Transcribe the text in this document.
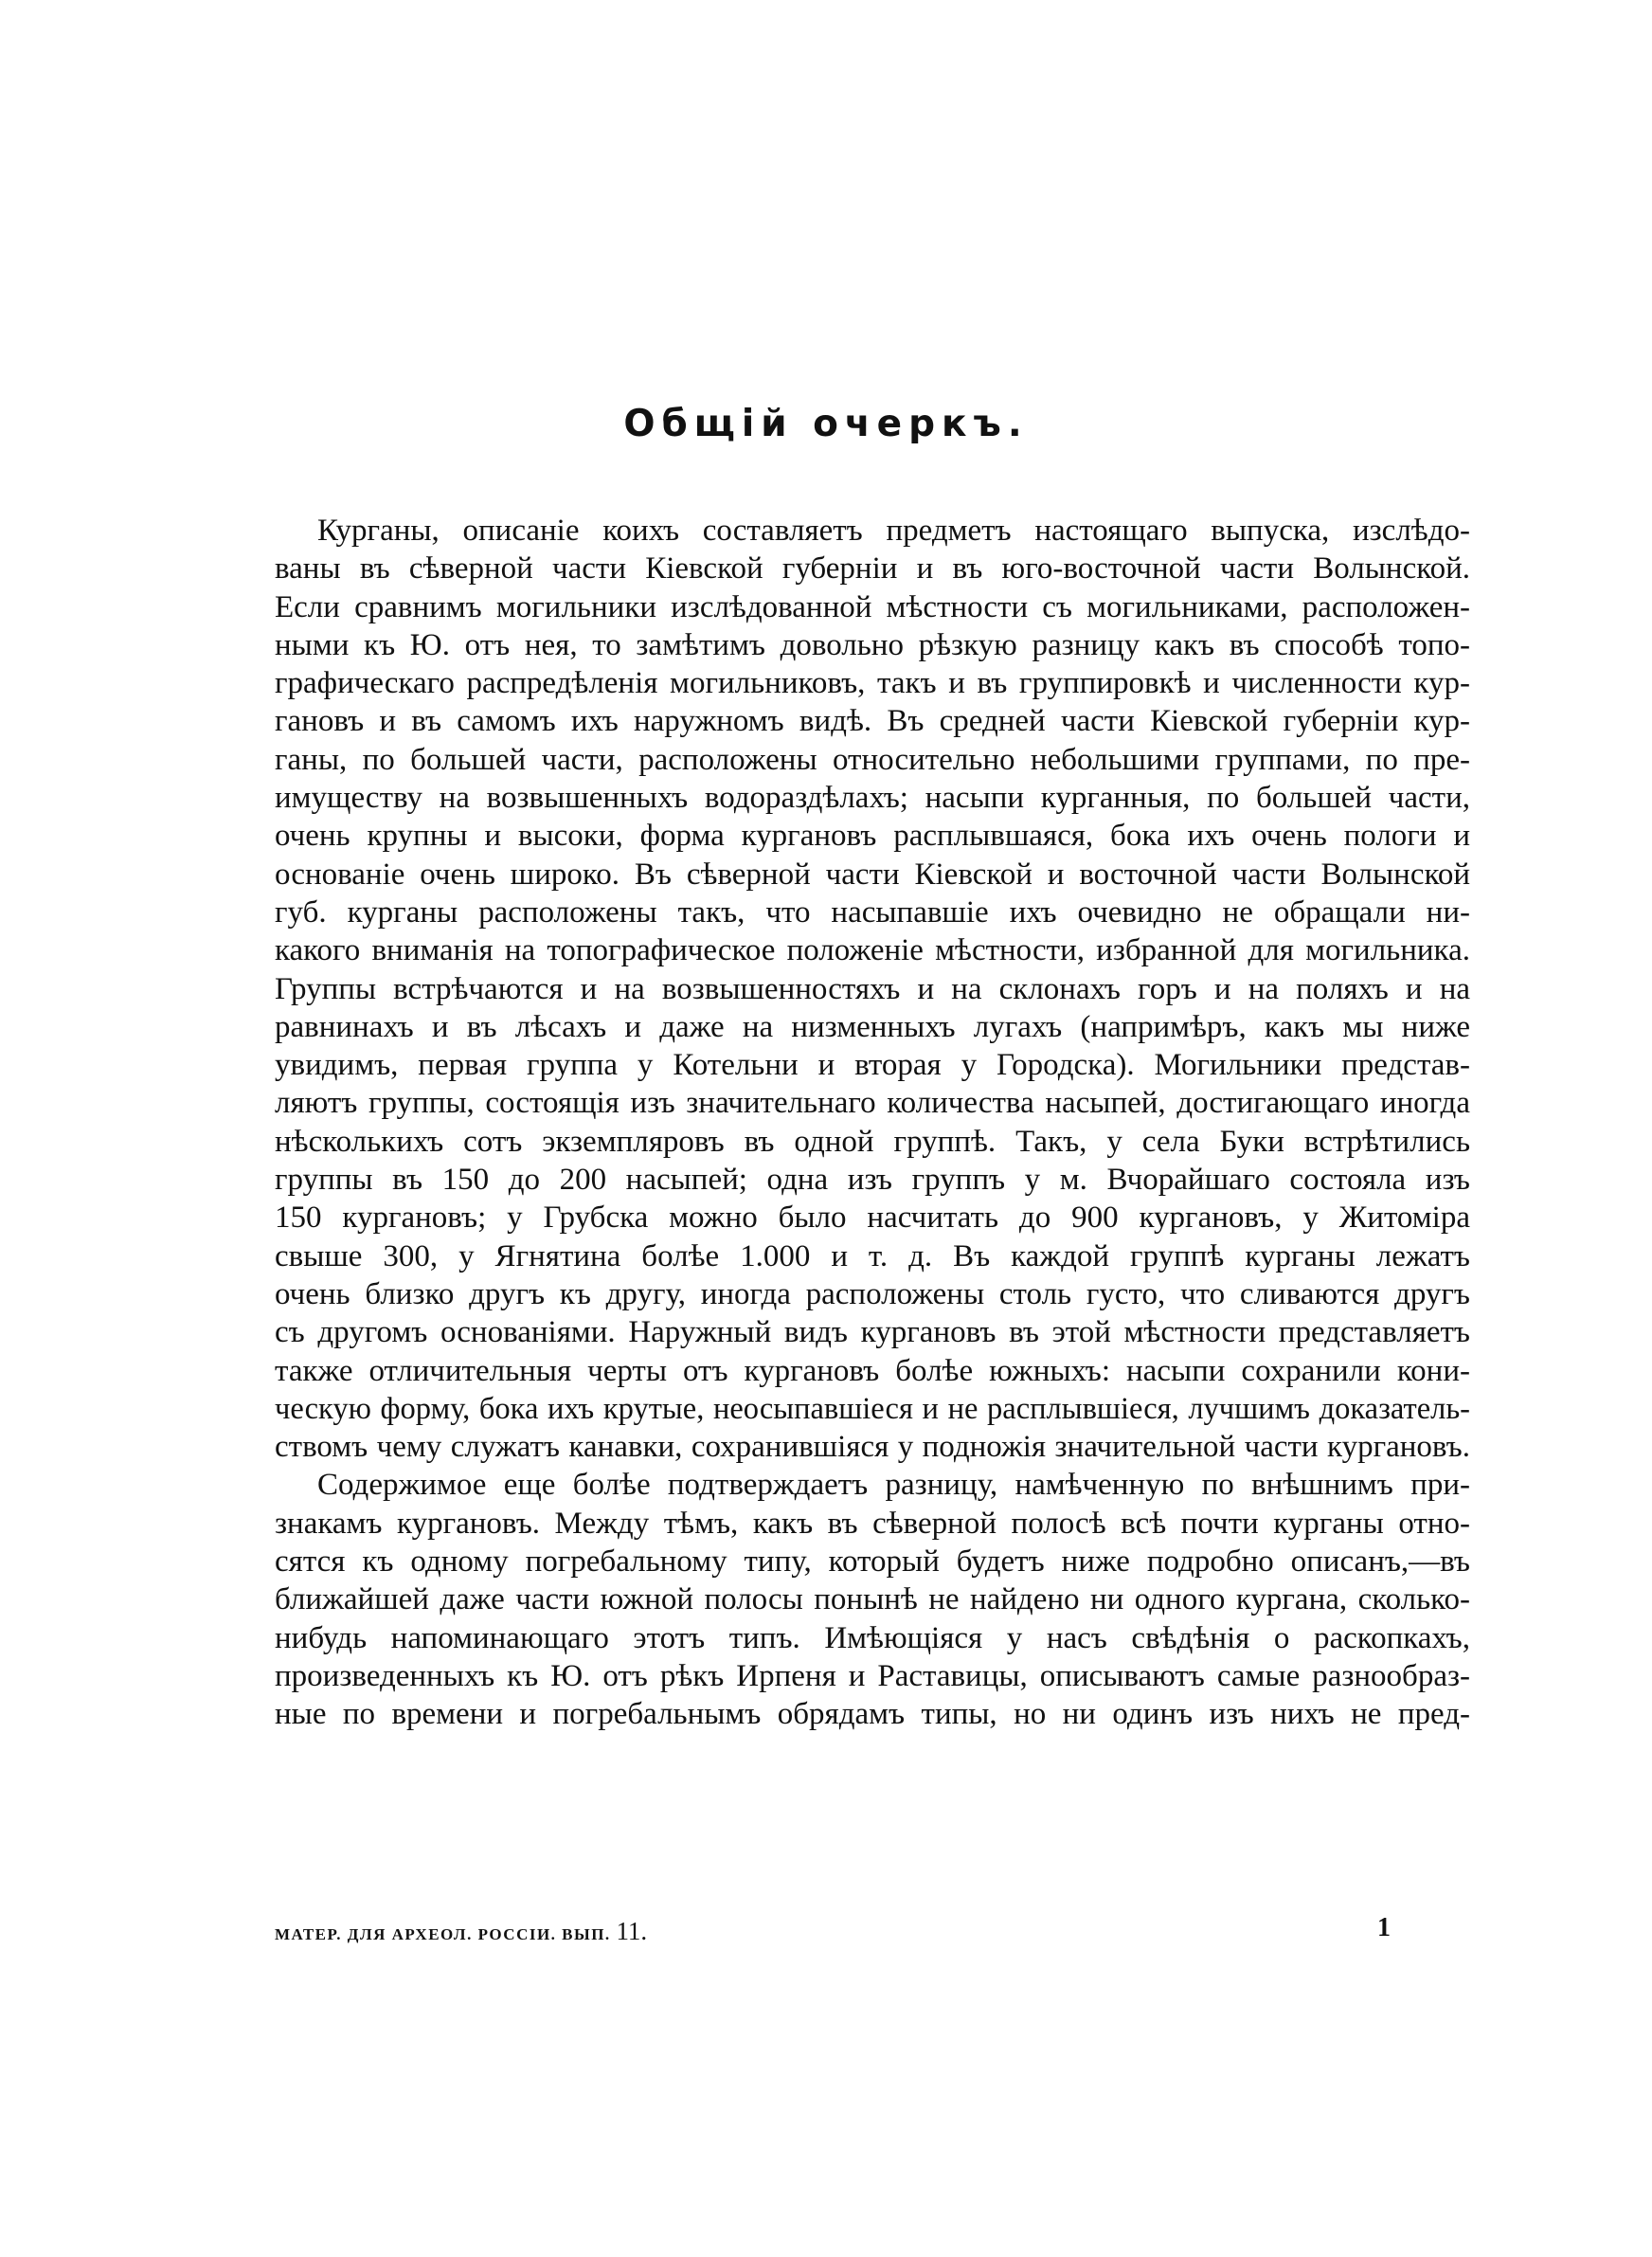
Общій очеркъ.
Курганы, описаніе коихъ составляетъ предметъ настоящаго выпуска, изслѣдо-
ваны въ сѣверной части Кіевской губерніи и въ юго-восточной части Волынской.
Если сравнимъ могильники изслѣдованной мѣстности съ могильниками, расположен-
ными къ Ю. отъ нея, то замѣтимъ довольно рѣзкую разницу какъ въ способѣ топо-
графическаго распредѣленія могильниковъ, такъ и въ группировкѣ и численности кур-
гановъ и въ самомъ ихъ наружномъ видѣ. Въ средней части Кіевской губерніи кур-
ганы, по большей части, расположены относительно небольшими группами, по пре-
имуществу на возвышенныхъ водораздѣлахъ; насыпи курганныя, по большей части,
очень крупны и высоки, форма кургановъ расплывшаяся, бока ихъ очень пологи и
основаніе очень широко. Въ сѣверной части Кіевской и восточной части Волынской
губ. курганы расположены такъ, что насыпавшіе ихъ очевидно не обращали ни-
какого вниманія на топографическое положеніе мѣстности, избранной для могильника.
Группы встрѣчаются и на возвышенностяхъ и на склонахъ горъ и на поляхъ и на
равнинахъ и въ лѣсахъ и даже на низменныхъ лугахъ (напримѣръ, какъ мы ниже
увидимъ, первая группа у Котельни и вторая у Городска). Могильники представ-
ляютъ группы, состоящія изъ значительнаго количества насыпей, достигающаго иногда
нѣсколькихъ сотъ экземпляровъ въ одной группѣ. Такъ, у села Буки встрѣтились
группы въ 150 до 200 насыпей; одна изъ группъ у м. Вчорайшаго состояла изъ
150 кургановъ; у Грубска можно было насчитать до 900 кургановъ, у Житоміра
свыше 300, у Ягнятина болѣе 1.000 и т. д. Въ каждой группѣ курганы лежатъ
очень близко другъ къ другу, иногда расположены столь густо, что сливаются другъ
съ другомъ основаніями. Наружный видъ кургановъ въ этой мѣстности представляетъ
также отличительныя черты отъ кургановъ болѣе южныхъ: насыпи сохранили кони-
ческую форму, бока ихъ крутые, неосыпавшіеся и не расплывшіеся, лучшимъ доказатель-
ствомъ чему служатъ канавки, сохранившіяся у подножія значительной части кургановъ.
Содержимое еще болѣе подтверждаетъ разницу, намѣченную по внѣшнимъ при-
знакамъ кургановъ. Между тѣмъ, какъ въ сѣверной полосѣ всѣ почти курганы отно-
сятся къ одному погребальному типу, который будетъ ниже подробно описанъ,—въ
ближайшей даже части южной полосы понынѣ не найдено ни одного кургана, сколько-
нибудь напоминающаго этотъ типъ. Имѣющіяся у насъ свѣдѣнія о раскопкахъ,
произведенныхъ къ Ю. отъ рѣкъ Ирпеня и Раставицы, описываютъ самые разнообраз-
ные по времени и погребальнымъ обрядамъ типы, но ни одинъ изъ нихъ не пред-
МАТЕР. ДЛЯ АРХЕОЛ. РОССІИ. ВЫП. 11.	1
